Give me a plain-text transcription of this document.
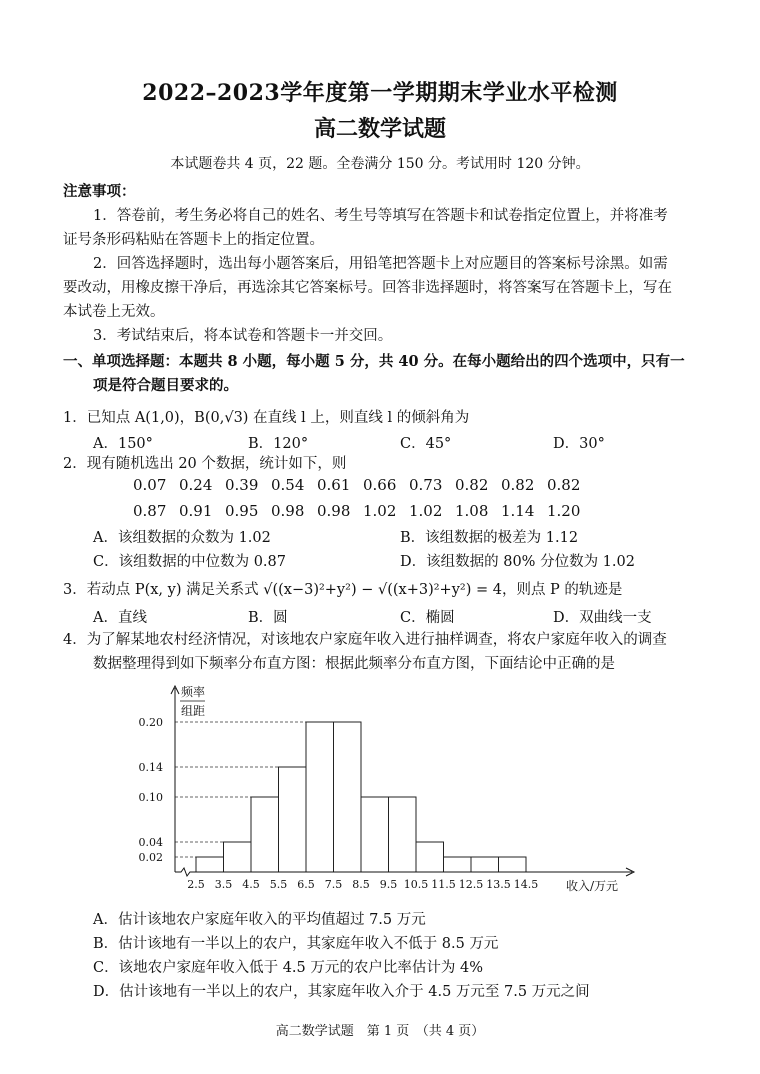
2022–2023学年度第一学期期末学业水平检测
高二数学试题
本试题卷共 4 页，22 题。全卷满分 150 分。考试用时 120 分钟。
注意事项：
1．答卷前，考生务必将自己的姓名、考生号等填写在答题卡和试卷指定位置上，并将准考
证号条形码粘贴在答题卡上的指定位置。
2．回答选择题时，选出每小题答案后，用铅笔把答题卡上对应题目的答案标号涂黑。如需
要改动，用橡皮擦干净后，再选涂其它答案标号。回答非选择题时，将答案写在答题卡上，写在
本试卷上无效。
3．考试结束后，将本试卷和答题卡一并交回。
一、单项选择题：本题共 8 小题，每小题 5 分，共 40 分。在每小题给出的四个选项中，只有一
项是符合题目要求的。
1．已知点 A(1,0)，B(0,√3) 在直线 l 上，则直线 l 的倾斜角为
A．150°	B．120°	C．45°	D．30°
2．现有随机选出 20 个数据，统计如下，则
0.07 0.24 0.39 0.54 0.61 0.66 0.73 0.82 0.82 0.82
0.87 0.91 0.95 0.98 0.98 1.02 1.02 1.08 1.14 1.20
A．该组数据的众数为 1.02	B．该组数据的极差为 1.12
C．该组数据的中位数为 0.87	D．该组数据的 80% 分位数为 1.02
3．若动点 P(x, y) 满足关系式 √((x−3)²+y²) − √((x+3)²+y²) = 4，则点 P 的轨迹是
A．直线	B．圆	C．椭圆	D．双曲线一支
4．为了解某地农村经济情况，对该地农户家庭年收入进行抽样调查，将农户家庭年收入的调查
数据整理得到如下频率分布直方图：根据此频率分布直方图，下面结论中正确的是
0.02
0.04
0.10
0.14
0.20
2.5 3.5 4.5 5.5 6.5 7.5 8.5 9.5 10.5 11.5 12.5 13.5 14.5
频率
组距
收入/万元
A．估计该地农户家庭年收入的平均值超过 7.5 万元
B．估计该地有一半以上的农户，其家庭年收入不低于 8.5 万元
C．该地农户家庭年收入低于 4.5 万元的农户比率估计为 4%
D．估计该地有一半以上的农户，其家庭年收入介于 4.5 万元至 7.5 万元之间
高二数学试题　第 1 页　（共 4 页）
